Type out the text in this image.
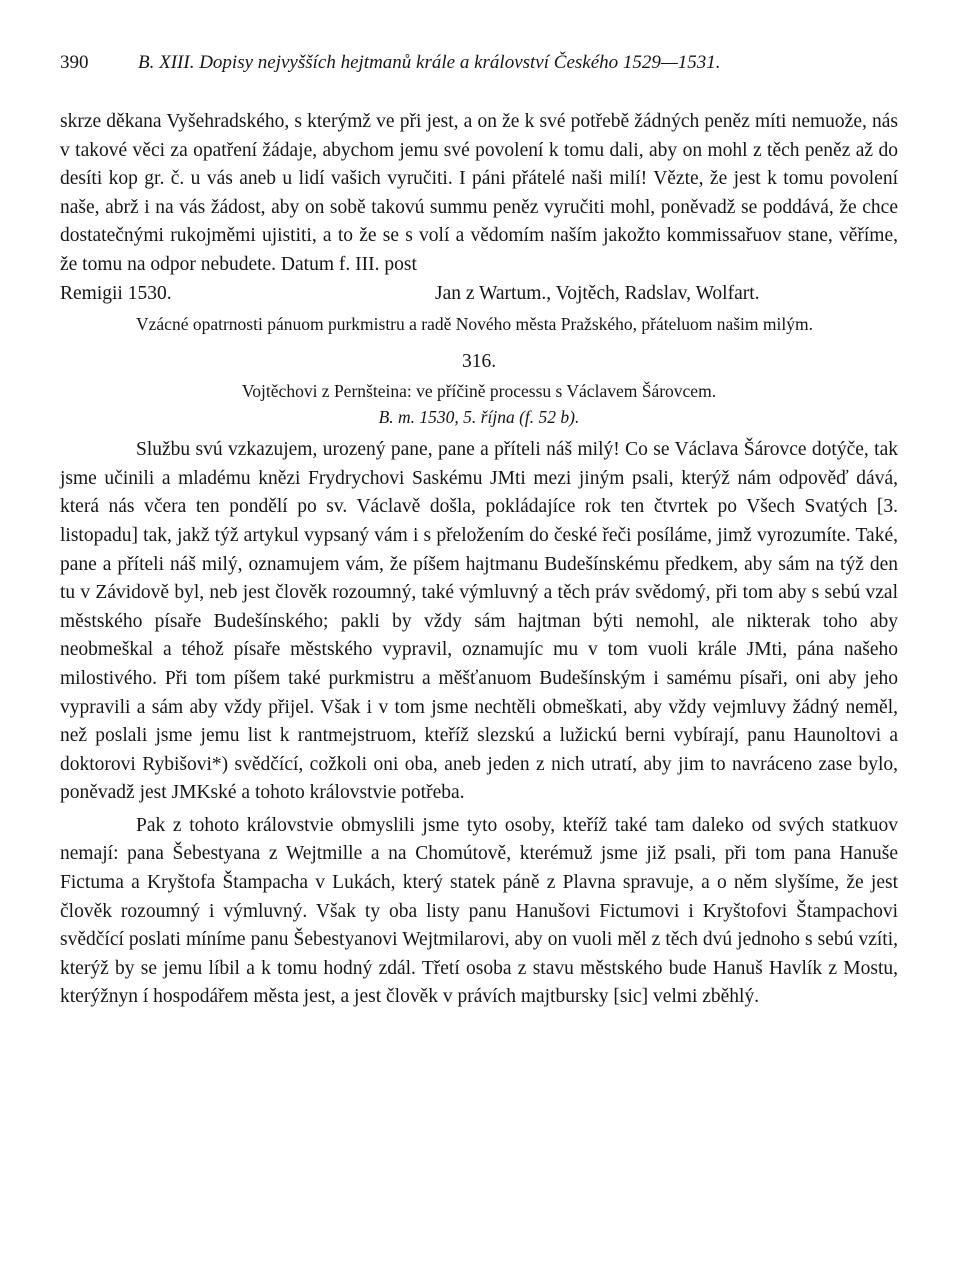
390	B. XIII. Dopisy nejvyšších hejtmanů krále a království Českého 1529—1531.

skrze děkana Vyšehradského, s kterýmž ve při jest, a on že k své potřebě žádných peněz míti nemuože, nás v takové věci za opatření žádaje, abychom jemu své povolení k tomu dali, aby on mohl z těch peněz až do desíti kop gr. č. u vás aneb u lidí vašich vyručiti. I páni přátelé naši milí! Vězte, že jest k tomu povolení naše, abrž i na vás žádost, aby on sobě takovú summu peněz vyručiti mohl, poněvadž se poddává, že chce dostatečnými rukojměmi ujistiti, a to že se s volí a vědomím naším jakožto kommissařuov stane, věříme, že tomu na odpor nebudete. Datum f. III. post

Remigii 1530.	Jan z Wartum., Vojtěch, Radslav, Wolfart.

Vzácné opatrnosti pánuom purkmistru a radě Nového města Pražského, přáteluom našim milým.

316.
Vojtěchovi z Pernšteina: ve příčině processu s Václavem Šárovcem.
B. m. 1530, 5. října (f. 52 b).

Službu svú vzkazujem, urozený pane, pane a příteli náš milý! Co se Václava Šárovce dotýče, tak jsme učinili a mladému knězi Frydrychovi Saskému JMti mezi jiným psali, kterýž nám odpověď dává, která nás včera ten pondělí po sv. Václavě došla, pokládajíce rok ten čtvrtek po Všech Svatých [3. listopadu] tak, jakž týž artykul vypsaný vám i s přeložením do české řeči posíláme, jimž vyrozumíte. Také, pane a příteli náš milý, oznamujem vám, že píšem hajtmanu Budešínskému předkem, aby sám na týž den tu v Závidově byl, neb jest člověk rozoumný, také výmluvný a těch práv svědomý, při tom aby s sebú vzal městského písaře Budešínského; pakli by vždy sám hajtman býti nemohl, ale nikterak toho aby neobmeškal a téhož písaře městského vypravil, oznamujíc mu v tom vuoli krále JMti, pána našeho milostivého. Při tom píšem také purkmistru a měšťanuom Budešínským i samému písaři, oni aby jeho vypravili a sám aby vždy přijel. Však i v tom jsme nechtěli obmeškati, aby vždy vejmluvy žádný neměl, než poslali jsme jemu list k rantmejstruom, kteříž slezskú a lužickú berni vybírají, panu Haunoltovi a doktorovi Rybišovi*) svědčící, cožkoli oni oba, aneb jeden z nich utratí, aby jim to navráceno zase bylo, poněvadž jest JMKské a tohoto královstvie potřeba.

Pak z tohoto královstvie obmyslili jsme tyto osoby, kteříž také tam daleko od svých statkuov nemají: pana Šebestyana z Wejtmille a na Chomútově, kterémuž jsme již psali, při tom pana Hanuše Fictuma a Kryštofa Štampacha v Lukách, který statek páně z Plavna spravuje, a o něm slyšíme, že jest člověk rozoumný i výmluvný. Však ty oba listy panu Hanušovi Fictumovi i Kryštofovi Štampachovi svědčící poslati míníme panu Šebestyanovi Wejtmilarovi, aby on vuoli měl z těch dvú jednoho s sebú vzíti, kterýž by se jemu líbil a k tomu hodný zdál. Třetí osoba z stavu městského bude Hanuš Havlík z Mostu, kterýžnyn í hospodářem města jest, a jest člověk v právích majtbursky [sic] velmi zběhlý.
